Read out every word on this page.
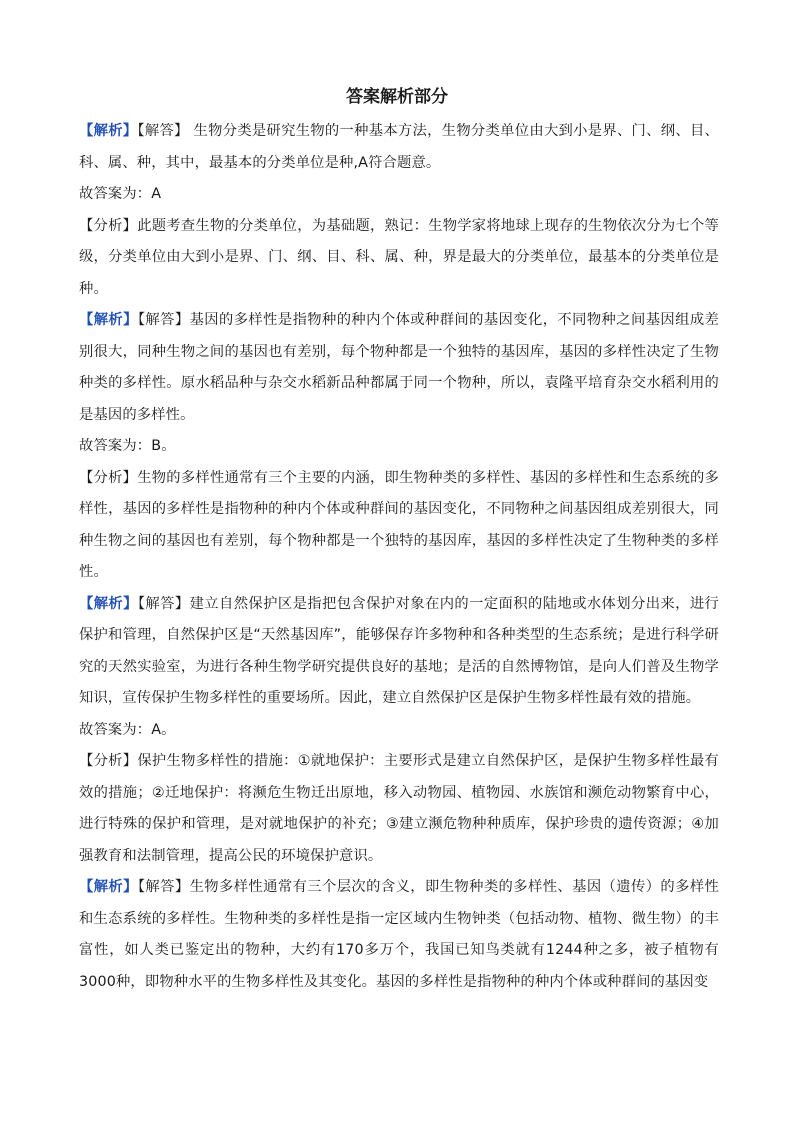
答案解析部分

【解析】【解答】 生物分类是研究生物的一种基本方法，生物分类单位由大到小是界、门、纲、目、科、属、种，其中，最基本的分类单位是种,A符合题意。

故答案为：A

【分析】此题考查生物的分类单位，为基础题，熟记：生物学家将地球上现存的生物依次分为七个等级，分类单位由大到小是界、门、纲、目、科、属、种，界是最大的分类单位，最基本的分类单位是种。

【解析】【解答】基因的多样性是指物种的种内个体或种群间的基因变化，不同物种之间基因组成差别很大，同种生物之间的基因也有差别，每个物种都是一个独特的基因库，基因的多样性决定了生物种类的多样性。原水稻品种与杂交水稻新品种都属于同一个物种，所以，袁隆平培育杂交水稻利用的是基因的多样性。

故答案为：B。

【分析】生物的多样性通常有三个主要的内涵，即生物种类的多样性、基因的多样性和生态系统的多样性，基因的多样性是指物种的种内个体或种群间的基因变化，不同物种之间基因组成差别很大，同种生物之间的基因也有差别，每个物种都是一个独特的基因库，基因的多样性决定了生物种类的多样性。

【解析】【解答】建立自然保护区是指把包含保护对象在内的一定面积的陆地或水体划分出来，进行保护和管理，自然保护区是“天然基因库”，能够保存许多物种和各种类型的生态系统；是进行科学研究的天然实验室，为进行各种生物学研究提供良好的基地；是活的自然博物馆，是向人们普及生物学知识，宣传保护生物多样性的重要场所。因此，建立自然保护区是保护生物多样性最有效的措施。

故答案为：A。

【分析】保护生物多样性的措施：①就地保护：主要形式是建立自然保护区，是保护生物多样性最有效的措施；②迁地保护：将濒危生物迁出原地，移入动物园、植物园、水族馆和濒危动物繁育中心，进行特殊的保护和管理，是对就地保护的补充；③建立濒危物种种质库，保护珍贵的遗传资源；④加强教育和法制管理，提高公民的环境保护意识。

【解析】【解答】生物多样性通常有三个层次的含义，即生物种类的多样性、基因（遗传）的多样性和生态系统的多样性。生物种类的多样性是指一定区域内生物钟类（包括动物、植物、微生物）的丰富性，如人类已鉴定出的物种，大约有170多万个，我国已知鸟类就有1244种之多，被子植物有3000种，即物种水平的生物多样性及其变化。基因的多样性是指物种的种内个体或种群间的基因变
